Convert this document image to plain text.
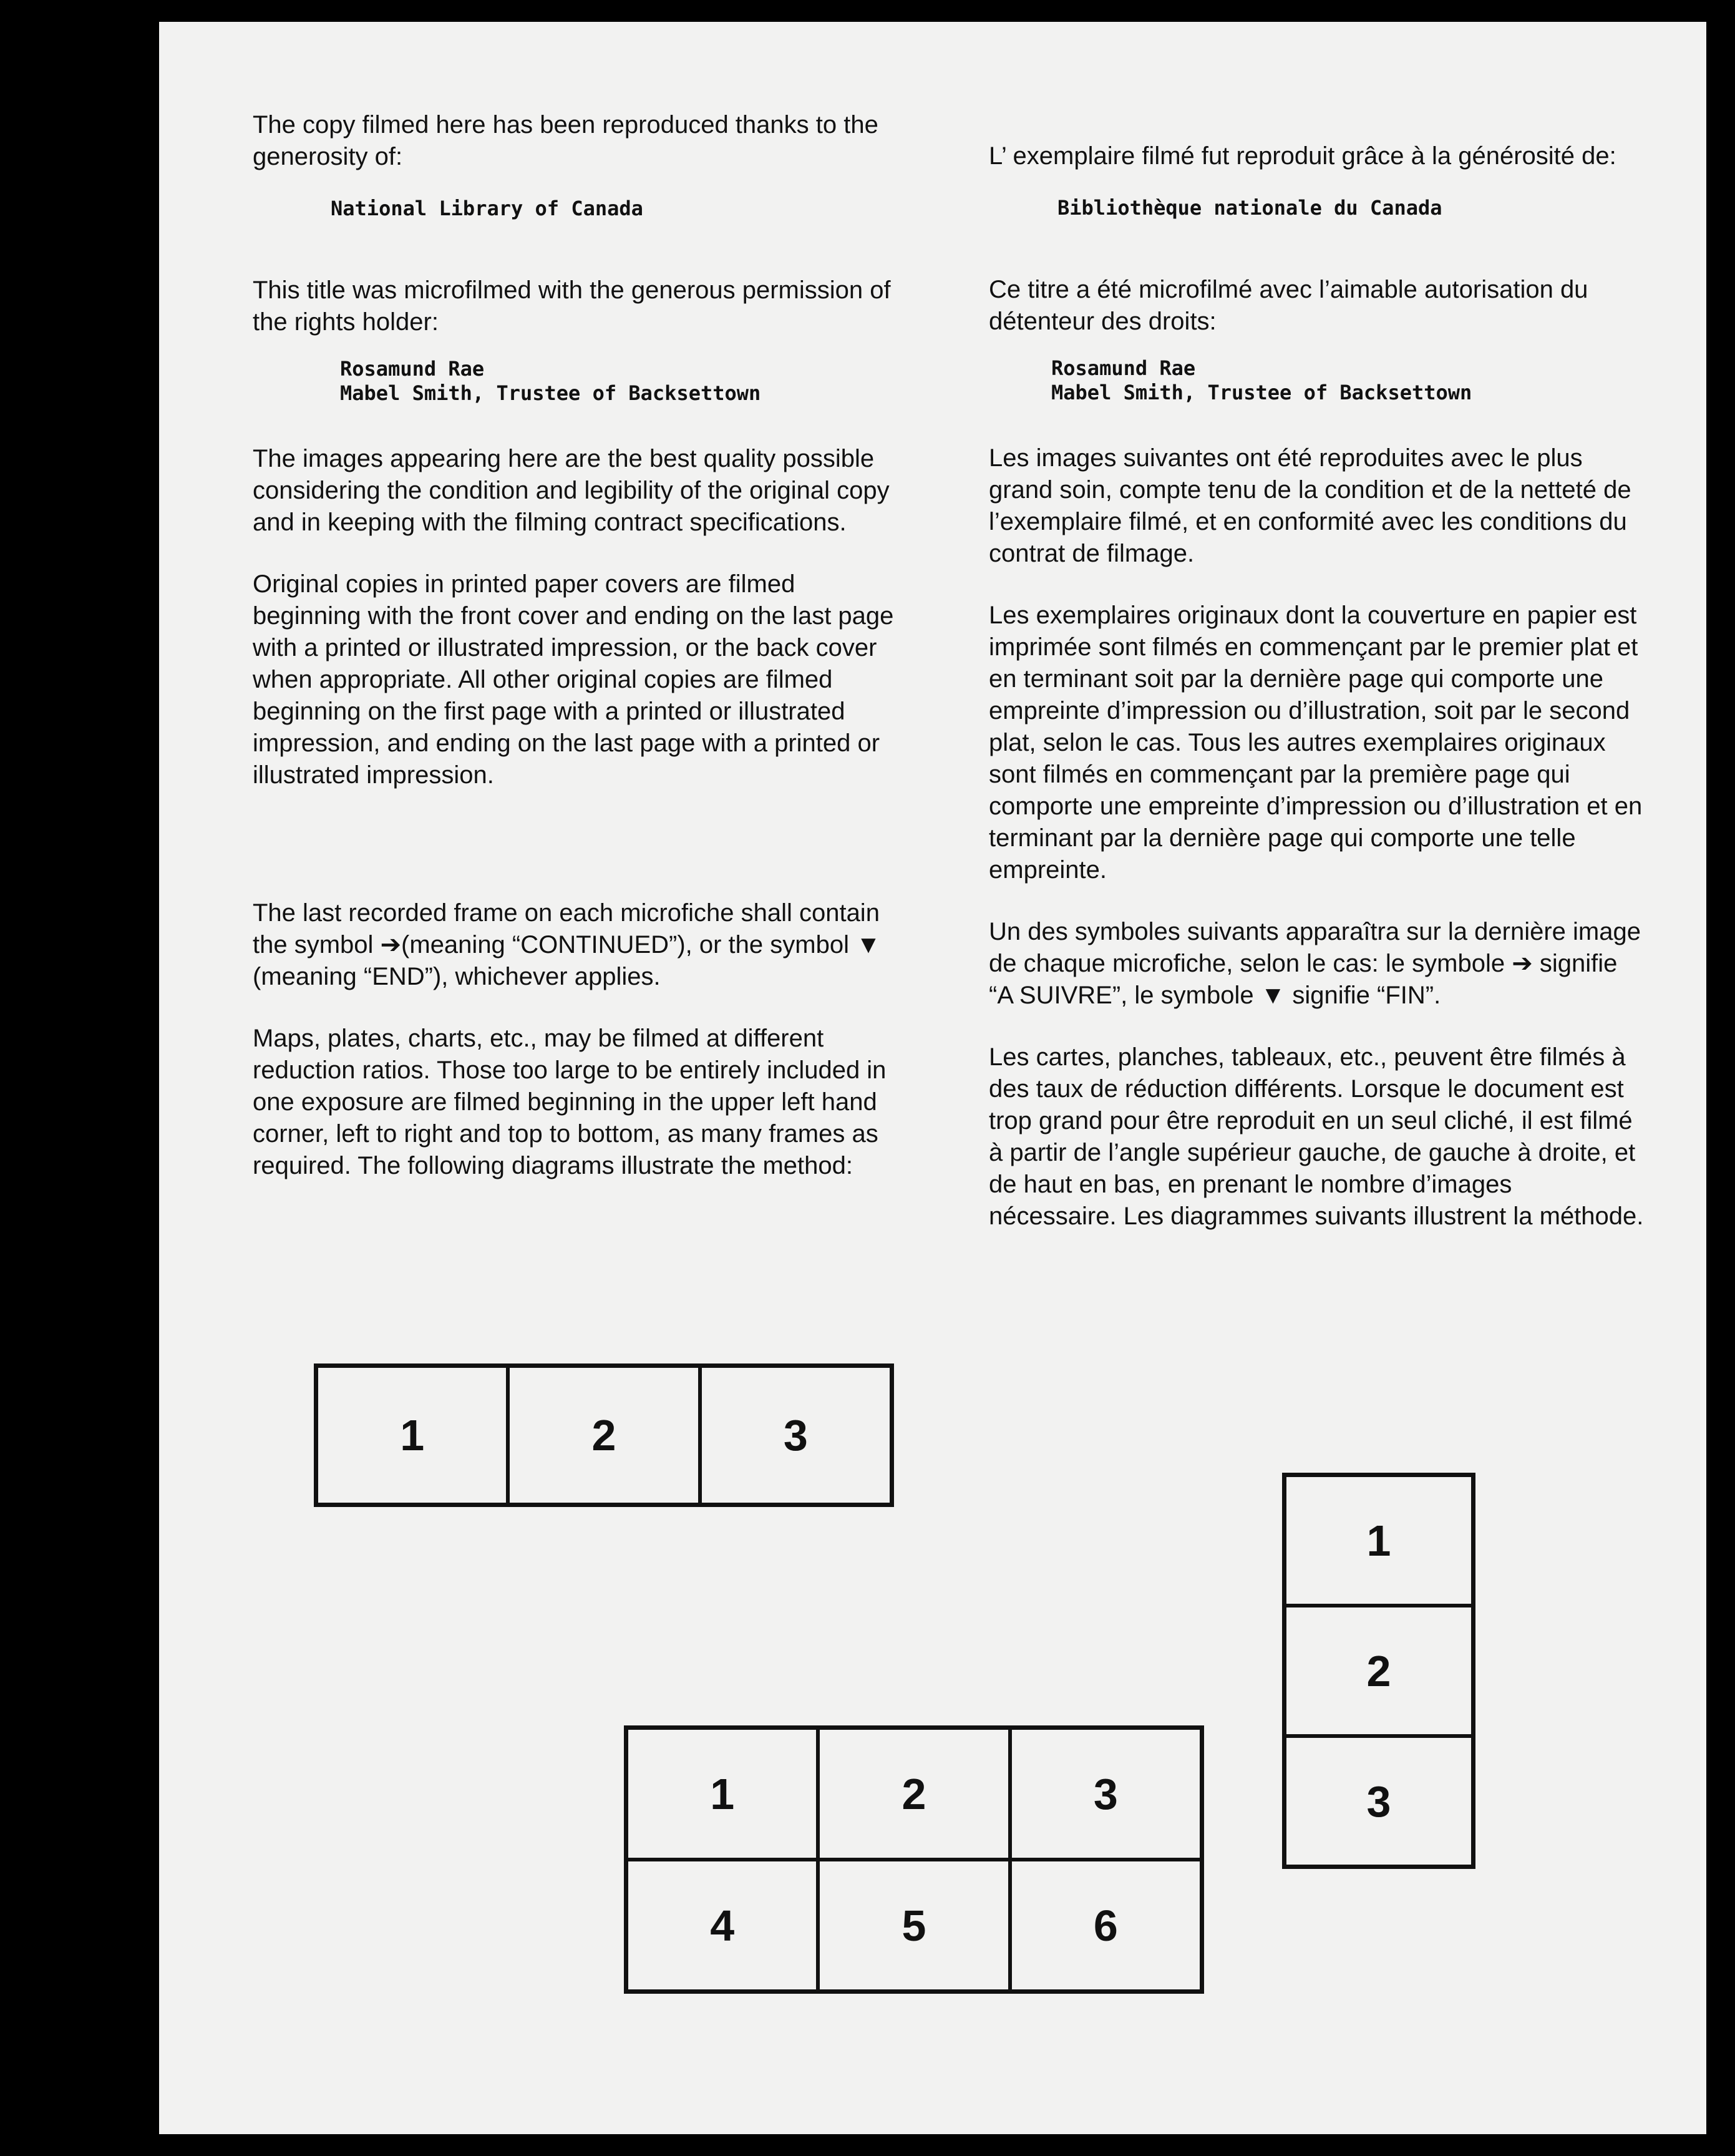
The copy filmed here has been reproduced thanks to the generosity of:

National Library of Canada

This title was microfilmed with the generous permission of the rights holder:

Rosamund Rae
Mabel Smith, Trustee of Backsettown

The images appearing here are the best quality possible considering the condition and legibility of the original copy and in keeping with the filming contract specifications.

Original copies in printed paper covers are filmed beginning with the front cover and ending on the last page with a printed or illustrated impression, or the back cover when appropriate. All other original copies are filmed beginning on the first page with a printed or illustrated impression, and ending on the last page with a printed or illustrated impression.

The last recorded frame on each microfiche shall contain the symbol ➔(meaning “CONTINUED”), or the symbol ▼ (meaning “END”), whichever applies.

Maps, plates, charts, etc., may be filmed at different reduction ratios. Those too large to be entirely included in one exposure are filmed beginning in the upper left hand corner, left to right and top to bottom, as many frames as required. The following diagrams illustrate the method:

L’ exemplaire filmé fut reproduit grâce à la générosité de:

Bibliothèque nationale du Canada

Ce titre a été microfilmé avec l’aimable autorisation du détenteur des droits:

Rosamund Rae
Mabel Smith, Trustee of Backsettown

Les images suivantes ont été reproduites avec le plus grand soin, compte tenu de la condition et de la netteté de l’exemplaire filmé, et en conformité avec les conditions du contrat de filmage.

Les exemplaires originaux dont la couverture en papier est imprimée sont filmés en commençant par le premier plat et en terminant soit par la dernière page qui comporte une empreinte d’impression ou d’illustration, soit par le second plat, selon le cas. Tous les autres exemplaires originaux sont filmés en commençant par la première page qui comporte une empreinte d’impression ou d’illustration et en terminant par la dernière page qui comporte une telle empreinte.

Un des symboles suivants apparaîtra sur la dernière image de chaque microfiche, selon le cas: le symbole ➔ signifie “A SUIVRE”, le symbole ▼ signifie “FIN”.

Les cartes, planches, tableaux, etc., peuvent être filmés à des taux de réduction différents. Lorsque le document est trop grand pour être reproduit en un seul cliché, il est filmé à partir de l’angle supérieur gauche, de gauche à droite, et de haut en bas, en prenant le nombre d’images nécessaire. Les diagrammes suivants illustrent la méthode.

1	2	3
1
2
3
1	2	3
4	5	6
